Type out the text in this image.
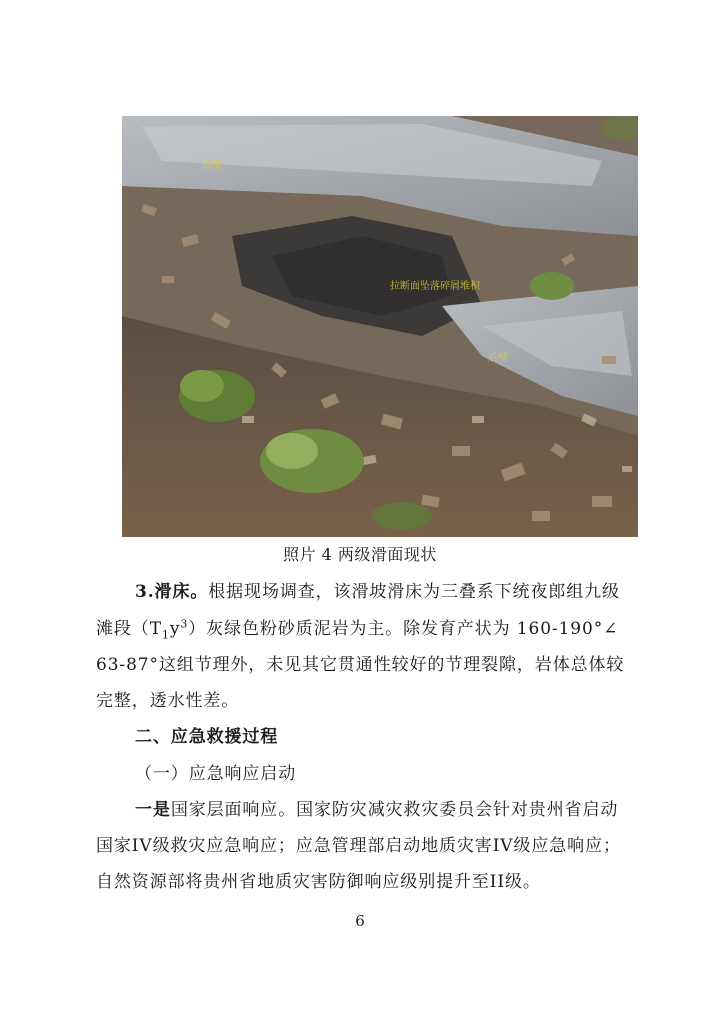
后壁
拉断面坠落碎屑堆积
后壁
照片 4 两级滑面现状
3.滑床。根据现场调查，该滑坡滑床为三叠系下统夜郎组九级
滩段$(T_1y^3)$灰绿色粉砂质泥岩为主。除发育产状为 160-190°∠
63-87°这组节理外，未见其它贯通性较好的节理裂隙，岩体总体较
完整，透水性差。
二、应急救援过程
（一）应急响应启动
一是国家层面响应。国家防灾减灾救灾委员会针对贵州省启动
国家IV级救灾应急响应；应急管理部启动地质灾害IV级应急响应；
自然资源部将贵州省地质灾害防御响应级别提升至II级。
6
